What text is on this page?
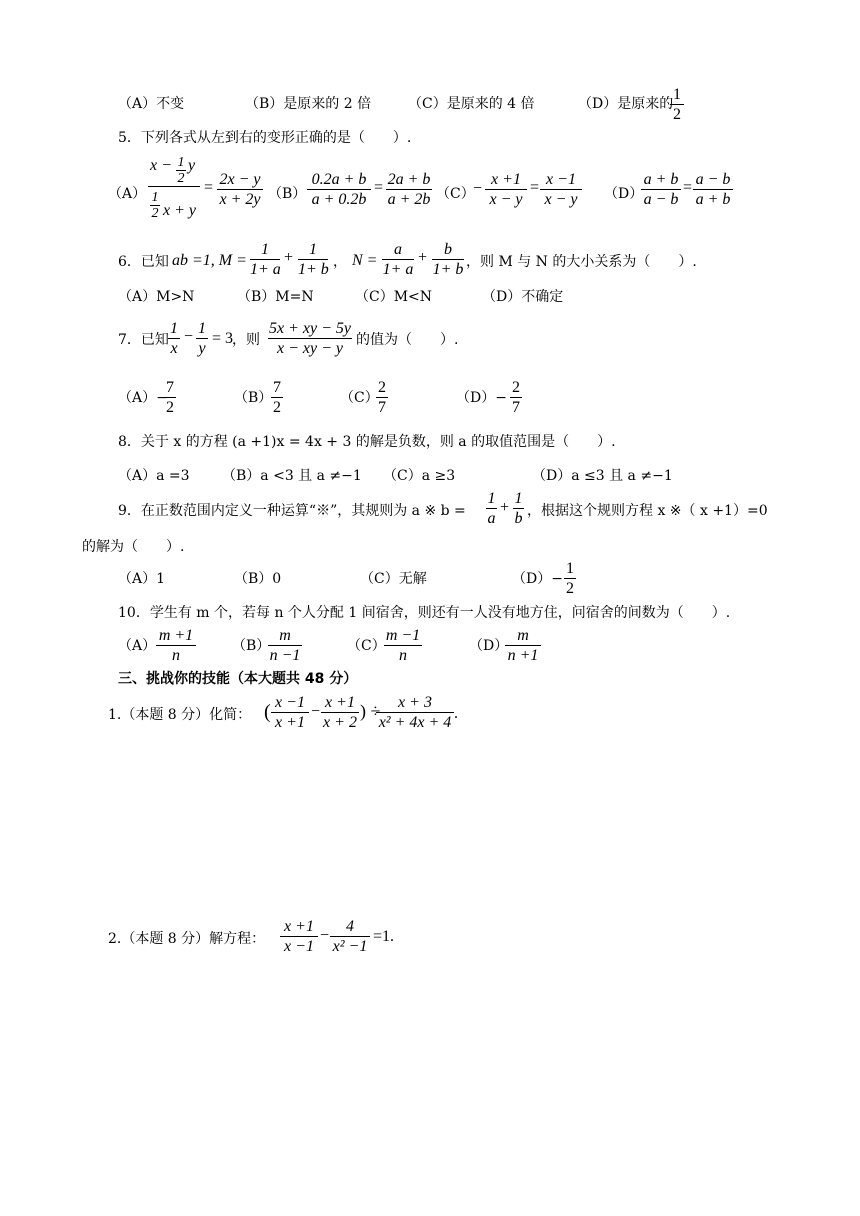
（A）不变	（B）是原来的 2 倍	（C）是原来的 4 倍	（D）是原来的
1
2
5．下列各式从左到右的变形正确的是（　　）.
（A）
x − 1
2
y
1
2 x + y
= 2x − y
x + 2y （B）
0.2a + b
a + 0.2b
= 2a + b
a + 2b （C）
−
x +1
x − y
= x −1
x − y	（D）
a + b
a − b
= a − b
a + b
6．已知 ab =1, M =
1
1+ a
+ 1
1+ b ， N =
a
1+ a
+	b
1+ b ，则 M 与 N 的大小关系为（　　）.
（A）M>N	（B）M=N	（C）M<N	（D）不确定
7．已知
1
x
− 1
y
= 3
，则
5x + xy − 5y
x − xy − y 的值为（　　）.
（A）−
7
2
（B）
7
2
（C）
2
7
（D）−
2
7
8．关于 x 的方程 (a +1)x = 4x + 3 的解是负数，则 a 的取值范围是（　　）.
（A）a =3 （B）a <3 且 a ≠−1 （C）a ≥3	（D）a ≤3 且 a ≠−1
9．在正数范围内定义一种运算“※”，其规则为 a ※ b =
1
a
+
1
b ，根据这个规则方程 x ※（ x +1）=0
的解为（　　）.
（A）1	（B）0	（C）无解	（D）−
1
2
10．学生有 m 个，若每 n 个人分配 1 间宿舍，则还有一人没有地方住，问宿舍的间数为（　　）.
（A）
m +1
n
（B）
m
n −1
（C）
m −1
n
（D）
m
n +1
三、挑战你的技能（本大题共 48 分）
1.（本题 8 分）化简： ( x −1
x +1
−
x +1
x + 2
) ÷	x + 3
x² + 4x + 4
.
2.（本题 8 分）解方程：
x +1
x −1
−
4
x² −1
=1.
